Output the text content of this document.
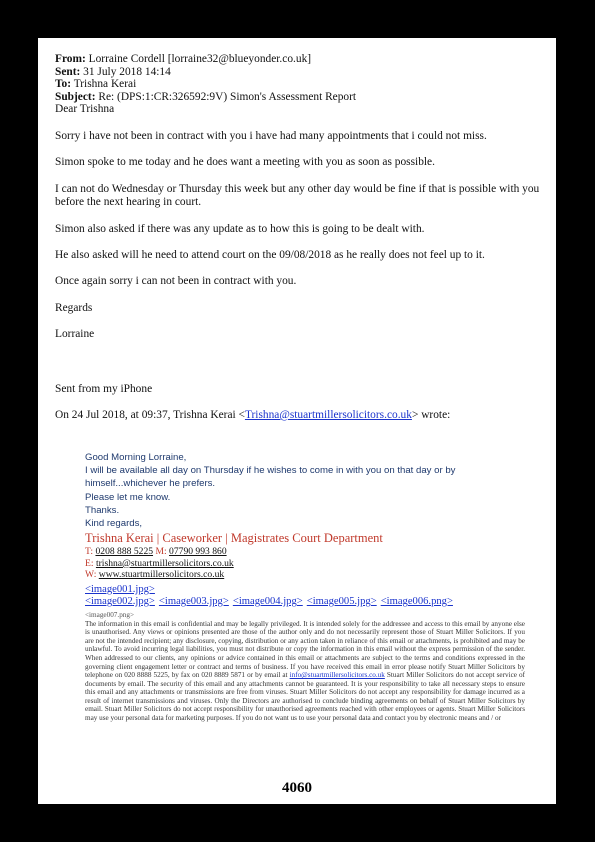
From: Lorraine Cordell [lorraine32@blueyonder.co.uk]
Sent: 31 July 2018 14:14
To: Trishna Kerai
Subject: Re: (DPS:1:CR:326592:9V) Simon's Assessment Report
Dear Trishna

Sorry i have not been in contract with you i have had many appointments that i could not miss.

Simon spoke to me today and he does want a meeting with you as soon as possible.

I can not do Wednesday or Thursday this week but any other day would be fine if that is possible with you before the next hearing in court.

Simon also asked if there was any update as to how this is going to be dealt with.

He also asked will he need to attend court on the 09/08/2018 as he really does not feel up to it.

Once again sorry i can not been in contract with you.

Regards

Lorraine

Sent from my iPhone

On 24 Jul 2018, at 09:37, Trishna Kerai <Trishna@stuartmillersolicitors.co.uk> wrote:

Good Morning Lorraine,
I will be available all day on Thursday if he wishes to come in with you on that day or by himself...whichever he prefers.
Please let me know.
Thanks.
Kind regards,
Trishna Kerai | Caseworker | Magistrates Court Department
T: 0208 888 5225 M: 07790 993 860
E: trishna@stuartmillersolicitors.co.uk
W: www.stuartmillersolicitors.co.uk
<image001.jpg>
<image002.jpg> <image003.jpg> <image004.jpg> <image005.jpg> <image006.png>
<image007.png>
The information in this email is confidential and may be legally privileged. It is intended solely for the addressee and access to this email by anyone else is unauthorised. Any views or opinions presented are those of the author only and do not necessarily represent those of Stuart Miller Solicitors. If you are not the intended recipient; any disclosure, copying, distribution or any action taken in reliance of this email or attachments, is prohibited and may be unlawful. To avoid incurring legal liabilities, you must not distribute or copy the information in this email without the express permission of the sender. When addressed to our clients, any opinions or advice contained in this email or attachments are subject to the terms and conditions expressed in the governing client engagement letter or contract and terms of business. If you have received this email in error please notify Stuart Miller Solicitors by telephone on 020 8888 5225, by fax on 020 8889 5871 or by email at info@stuartmillersolicitors.co.uk Stuart Miller Solicitors do not accept service of documents by email. The security of this email and any attachments cannot be guaranteed. It is your responsibility to take all necessary steps to ensure this email and any attachments or transmissions are free from viruses. Stuart Miller Solicitors do not accept any responsibility for damage incurred as a result of internet transmissions and viruses. Only the Directors are authorised to conclude binding agreements on behalf of Stuart Miller Solicitors by email. Stuart Miller Solicitors do not accept responsibility for unauthorised agreements reached with other employees or agents. Stuart Miller Solicitors may use your personal data for marketing purposes. If you do not want us to use your personal data and contact you by electronic means and / or
4060
